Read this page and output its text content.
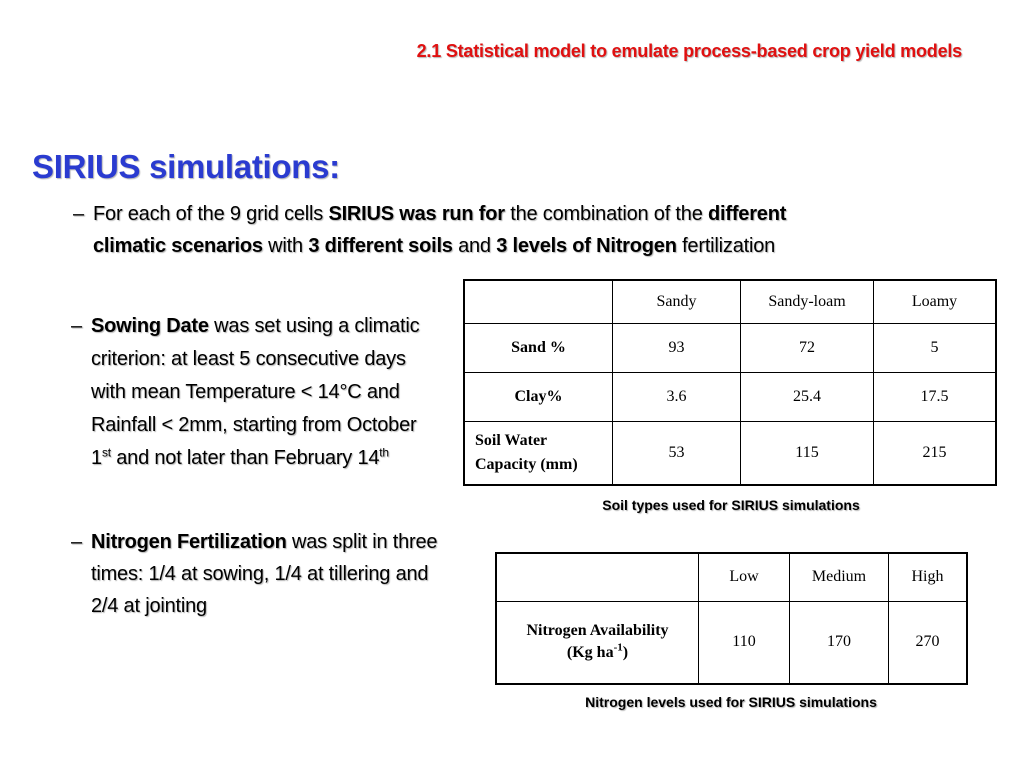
2.1 Statistical model to emulate process-based crop yield models
SIRIUS simulations:
– For each of the 9 grid cells SIRIUS was run for the combination of the different climatic scenarios with 3 different soils and 3 levels of Nitrogen fertilization
– Sowing Date was set using a climatic criterion: at least 5 consecutive days with mean Temperature < 14°C and Rainfall < 2mm, starting from October 1st and not later than February 14th
– Nitrogen Fertilization was split in three times: 1/4 at sowing, 1/4 at tillering and 2/4 at jointing
	Sandy	Sandy-loam	Loamy
Sand %	93	72	5
Clay%	3.6	25.4	17.5
Soil Water Capacity (mm)	53	115	215
Soil types used for SIRIUS simulations
	Low	Medium	High
Nitrogen Availability
(Kg $ha^{-1}$)	110	170	270
Nitrogen levels used for SIRIUS simulations
